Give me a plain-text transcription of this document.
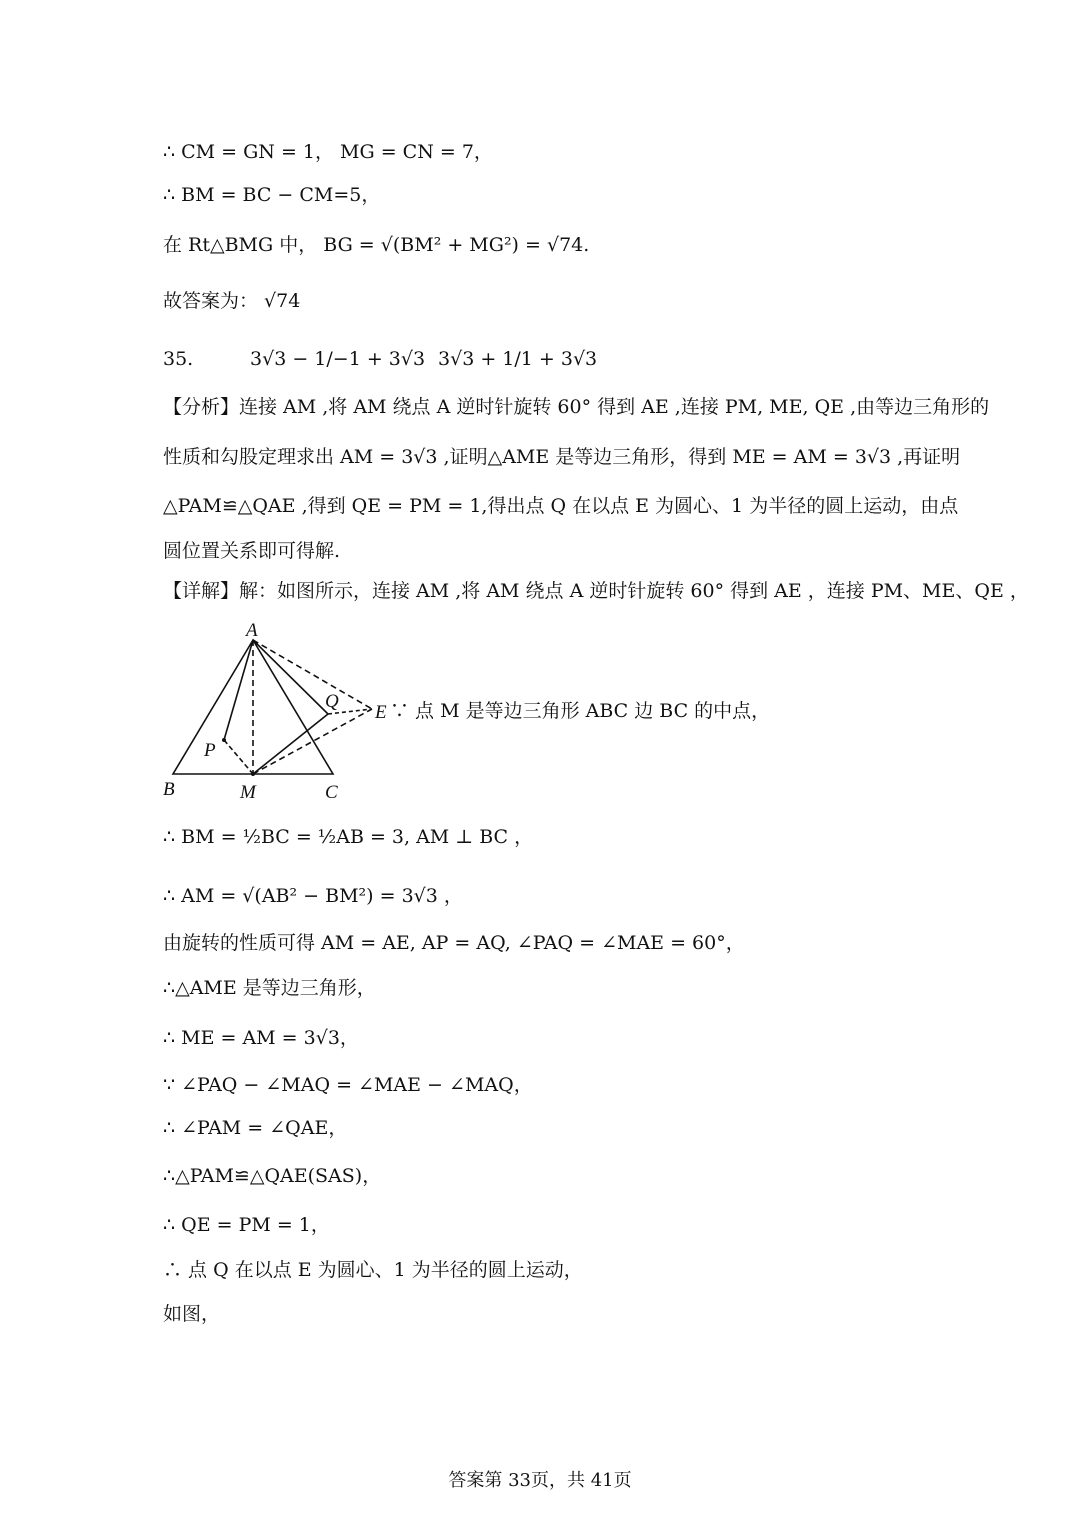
∴ CM = GN = 1， MG = CN = 7，
∴ BM = BC − CM=5，
在 Rt△BMG 中， BG = √(BM² + MG²) = √74.
故答案为： √74
35.	3√3 − 1/−1 + 3√3 3√3 + 1/1 + 3√3
【分析】连接 AM ,将 AM 绕点 A 逆时针旋转 60° 得到 AE ,连接 PM, ME, QE ,由等边三角形的
性质和勾股定理求出 AM = 3√3 ,证明△AME 是等边三角形，得到 ME = AM = 3√3 ,再证明
△PAM≌△QAE ,得到 QE = PM = 1,得出点 Q 在以点 E 为圆心、1 为半径的圆上运动，由点
圆位置关系即可得解.
【详解】解：如图所示，连接 AM ,将 AM 绕点 A 逆时针旋转 60° 得到 AE ，连接 PM、ME、QE ，
A
B	C
M
P
Q
E ∵ 点 M 是等边三角形 ABC 边 BC 的中点，
∴ BM = ½BC = ½AB = 3, AM ⊥ BC ，
∴ AM = √(AB² − BM²) = 3√3 ，
由旋转的性质可得 AM = AE, AP = AQ, ∠PAQ = ∠MAE = 60°，
∴△AME 是等边三角形，
∴ ME = AM = 3√3，
∵ ∠PAQ − ∠MAQ = ∠MAE − ∠MAQ，
∴ ∠PAM = ∠QAE，
∴△PAM≌△QAE(SAS)，
∴ QE = PM = 1，
∴ 点 Q 在以点 E 为圆心、1 为半径的圆上运动，
如图，
答案第 33页，共 41页
